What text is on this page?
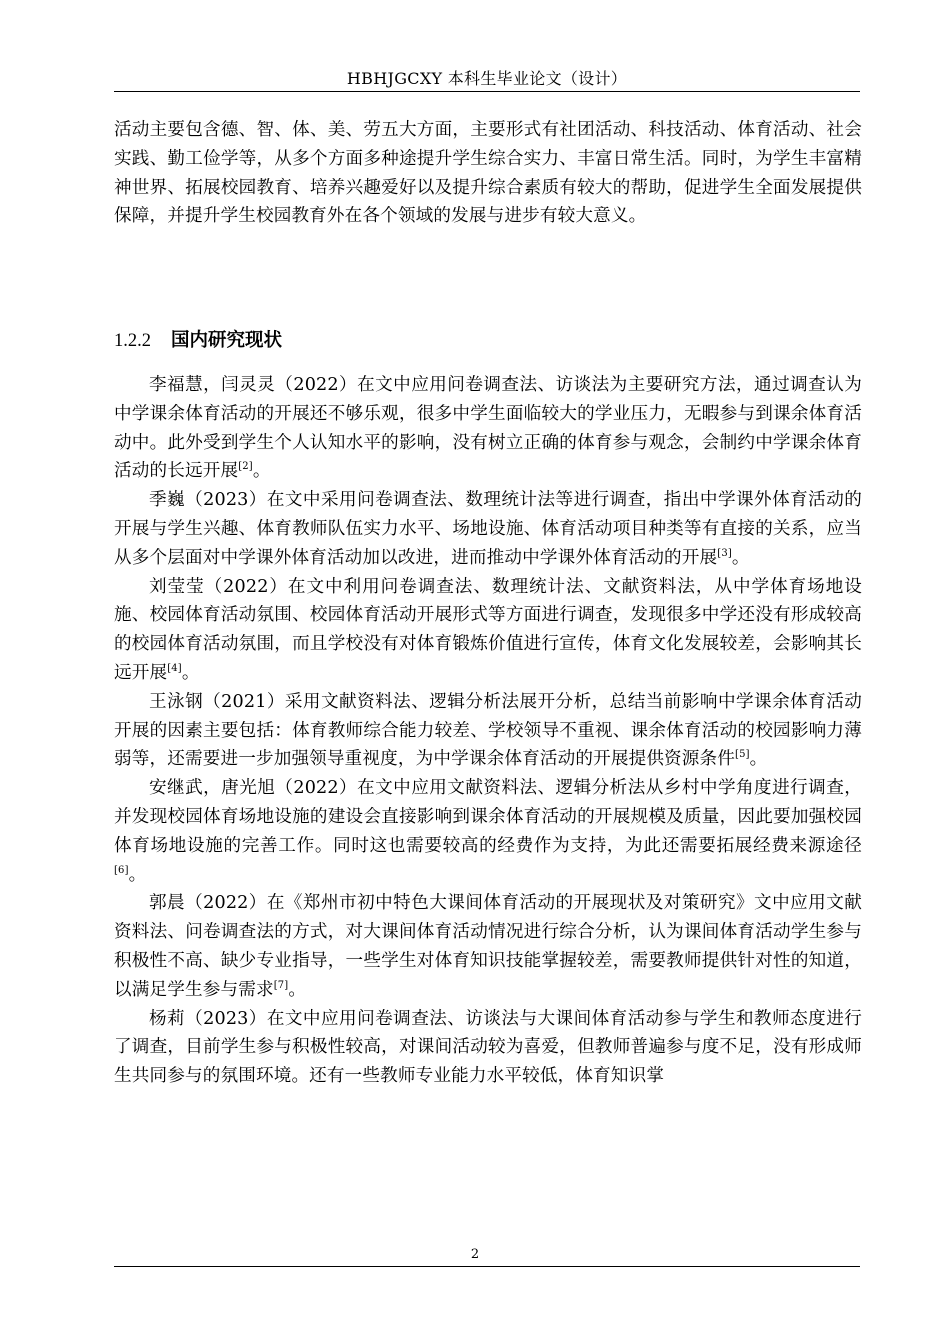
HBHJGCXY 本科生毕业论文（设计）

活动主要包含德、智、体、美、劳五大方面，主要形式有社团活动、科技活动、体育活动、社会实践、勤工俭学等，从多个方面多种途提升学生综合实力、丰富日常生活。同时，为学生丰富精神世界、拓展校园教育、培养兴趣爱好以及提升综合素质有较大的帮助，促进学生全面发展提供保障，并提升学生校园教育外在各个领域的发展与进步有较大意义。

1.2.2 国内研究现状

李福慧，闫灵灵（2022）在文中应用问卷调查法、访谈法为主要研究方法，通过调查认为中学课余体育活动的开展还不够乐观，很多中学生面临较大的学业压力，无暇参与到课余体育活动中。此外受到学生个人认知水平的影响，没有树立正确的体育参与观念，会制约中学课余体育活动的长远开展[2]。

季巍（2023）在文中采用问卷调查法、数理统计法等进行调查，指出中学课外体育活动的开展与学生兴趣、体育教师队伍实力水平、场地设施、体育活动项目种类等有直接的关系，应当从多个层面对中学课外体育活动加以改进，进而推动中学课外体育活动的开展[3]。

刘莹莹（2022）在文中利用问卷调查法、数理统计法、文献资料法，从中学体育场地设施、校园体育活动氛围、校园体育活动开展形式等方面进行调查，发现很多中学还没有形成较高的校园体育活动氛围，而且学校没有对体育锻炼价值进行宣传，体育文化发展较差，会影响其长远开展[4]。

王泳钢（2021）采用文献资料法、逻辑分析法展开分析，总结当前影响中学课余体育活动开展的因素主要包括：体育教师综合能力较差、学校领导不重视、课余体育活动的校园影响力薄弱等，还需要进一步加强领导重视度，为中学课余体育活动的开展提供资源条件[5]。

安继武，唐光旭（2022）在文中应用文献资料法、逻辑分析法从乡村中学角度进行调查，并发现校园体育场地设施的建设会直接影响到课余体育活动的开展规模及质量，因此要加强校园体育场地设施的完善工作。同时这也需要较高的经费作为支持，为此还需要拓展经费来源途径[6]。

郭晨（2022）在《郑州市初中特色大课间体育活动的开展现状及对策研究》文中应用文献资料法、问卷调查法的方式，对大课间体育活动情况进行综合分析，认为课间体育活动学生参与积极性不高、缺少专业指导，一些学生对体育知识技能掌握较差，需要教师提供针对性的知道，以满足学生参与需求[7]。

杨莉（2023）在文中应用问卷调查法、访谈法与大课间体育活动参与学生和教师态度进行了调查，目前学生参与积极性较高，对课间活动较为喜爱，但教师普遍参与度不足，没有形成师生共同参与的氛围环境。还有一些教师专业能力水平较低，体育知识掌

2
